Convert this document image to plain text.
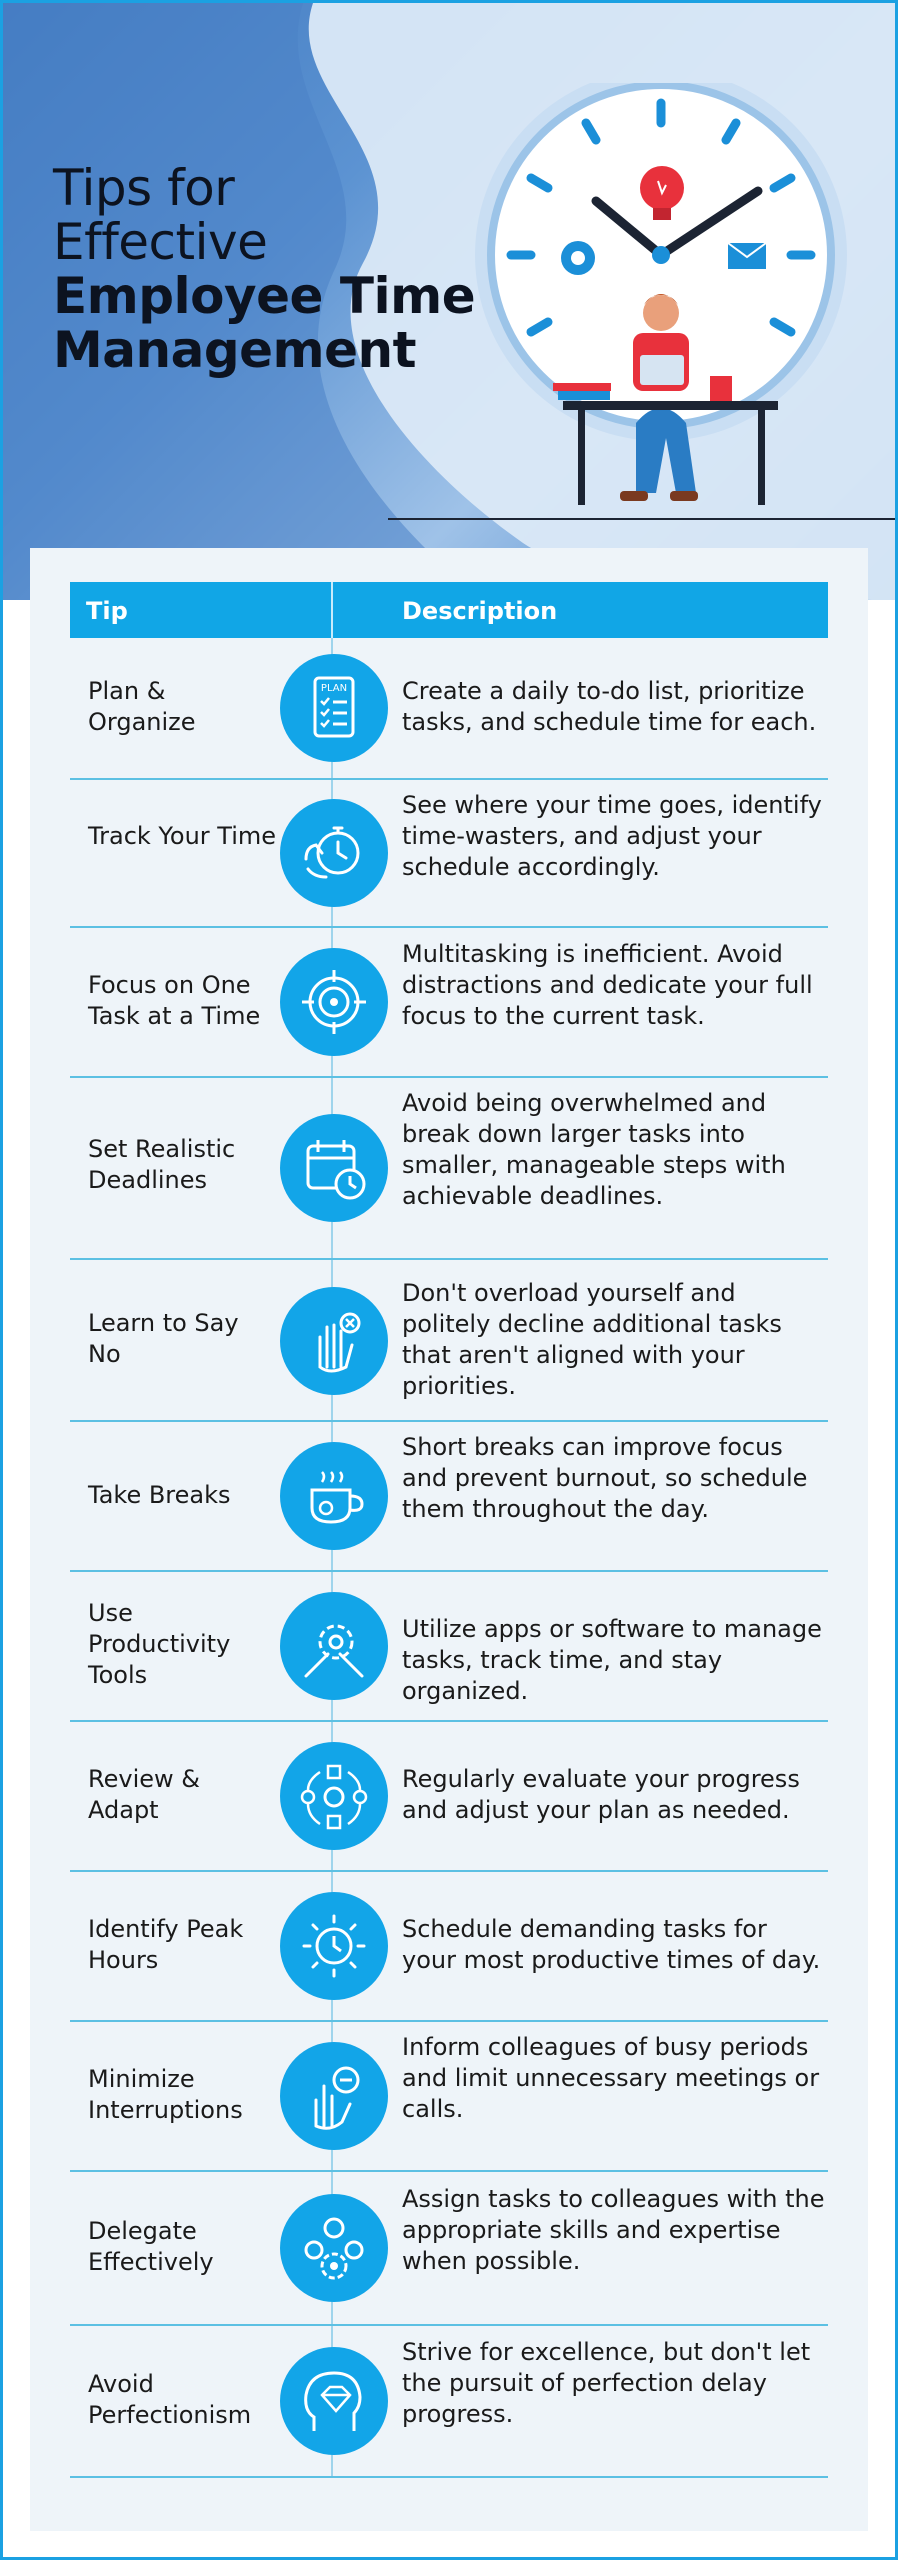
Tips for
Effective
Employee Time
Management
Tip	Description
Plan & Organize
PLAN Create a daily to-do list, prioritize tasks, and schedule time for each.
Track Your Time
See where your time goes, identify time-wasters, and adjust your schedule accordingly.
Focus on One Task at a Time
Multitasking is inefficient. Avoid distractions and dedicate your full focus to the current task.
Set Realistic Deadlines
Avoid being overwhelmed and break down larger tasks into smaller, manageable steps with achievable deadlines.
Learn to Say No
Don't overload yourself and politely decline additional tasks that aren't aligned with your priorities.
Take Breaks
Short breaks can improve focus and prevent burnout, so schedule them throughout the day.
Use Productivity Tools
Utilize apps or software to manage tasks, track time, and stay organized.
Review & Adapt
Regularly evaluate your progress and adjust your plan as needed.
Identify Peak Hours
Schedule demanding tasks for your most productive times of day.
Minimize Interruptions
Inform colleagues of busy periods and limit unnecessary meetings or calls.
Delegate Effectively
Assign tasks to colleagues with the appropriate skills and expertise when possible.
Avoid Perfectionism
Strive for excellence, but don't let the pursuit of perfection delay progress.
